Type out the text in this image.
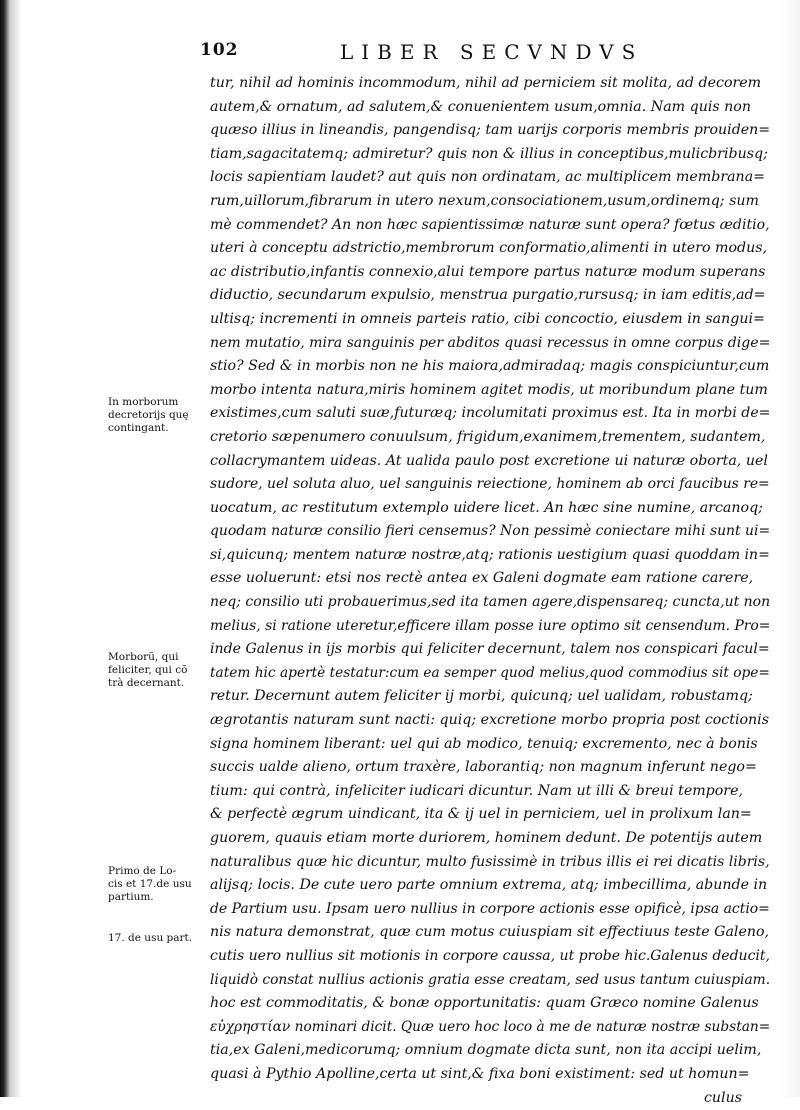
102	LIBER SECVNDVS
tur, nihil ad hominis incommodum, nihil ad perniciem sit molita, ad decorem
autem,& ornatum, ad salutem,& conuenientem usum,omnia. Nam quis non
quæso illius in lineandis, pangendisq; tam uarijs corporis membris prouiden=
tiam,sagacitatemq; admiretur? quis non & illius in conceptibus,mulicbribusq;
locis sapientiam laudet? aut quis non ordinatam, ac multiplicem membrana=
rum,uillorum,fibrarum in utero nexum,consociationem,usum,ordinemq; sum
mè commendet? An non hæc sapientissimæ naturæ sunt opera? fœtus æditio,
uteri à conceptu adstrictio,membrorum conformatio,alimenti in utero modus,
ac distributio,infantis connexio,alui tempore partus naturæ modum superans
diductio, secundarum expulsio, menstrua purgatio,rursusq; in iam editis,ad=
ultisq; incrementi in omneis parteis ratio, cibi concoctio, eiusdem in sangui=
nem mutatio, mira sanguinis per abditos quasi recessus in omne corpus dige=
stio? Sed & in morbis non ne his maiora,admiradaq; magis conspiciuntur,cum
morbo intenta natura,miris hominem agitet modis, ut moribundum plane tum
existimes,cum saluti suæ,futuræq; incolumitati proximus est. Ita in morbi de=
cretorio sæpenumero conuulsum, frigidum,exanimem,trementem, sudantem,
collacrymantem uideas. At ualida paulo post excretione ui naturæ oborta, uel
sudore, uel soluta aluo, uel sanguinis reiectione, hominem ab orci faucibus re=
uocatum, ac restitutum extemplo uidere licet. An hæc sine numine, arcanoq;
quodam naturæ consilio fieri censemus? Non pessimè coniectare mihi sunt ui=
si,quicunq; mentem naturæ nostræ,atq; rationis uestigium quasi quoddam in=
esse uoluerunt: etsi nos rectè antea ex Galeni dogmate eam ratione carere,
neq; consilio uti probauerimus,sed ita tamen agere,dispensareq; cuncta,ut non
melius, si ratione uteretur,efficere illam posse iure optimo sit censendum. Pro=
inde Galenus in ijs morbis qui feliciter decernunt, talem nos conspicari facul=
tatem hic apertè testatur:cum ea semper quod melius,quod commodius sit ope=
retur. Decernunt autem feliciter ij morbi, quicunq; uel ualidam, robustamq;
ægrotantis naturam sunt nacti: quiq; excretione morbo propria post coctionis
signa hominem liberant: uel qui ab modico, tenuiq; excremento, nec à bonis
succis ualde alieno, ortum traxère, laborantiq; non magnum inferunt nego=
tium: qui contrà, infeliciter iudicari dicuntur. Nam ut illi & breui tempore,
& perfectè ægrum uindicant, ita & ij uel in perniciem, uel in prolixum lan=
guorem, quauis etiam morte duriorem, hominem dedunt. De potentijs autem
naturalibus quæ hic dicuntur, multo fusissimè in tribus illis ei rei dicatis libris,
alijsq; locis. De cute uero parte omnium extrema, atq; imbecillima, abunde in
de Partium usu. Ipsam uero nullius in corpore actionis esse opificè, ipsa actio=
nis natura demonstrat, quæ cum motus cuiuspiam sit effectiuus teste Galeno,
cutis uero nullius sit motionis in corpore caussa, ut probe hic.Galenus deducit,
liquidò constat nullius actionis gratia esse creatam, sed usus tantum cuiuspiam.
hoc est commoditatis, & bonæ opportunitatis: quam Græco nomine Galenus
εὐχρηστίαν nominari dicit. Quæ uero hoc loco à me de naturæ nostræ substan=
tia,ex Galeni,medicorumq; omnium dogmate dicta sunt, non ita accipi uelim,
quasi à Pythio Apolline,certa ut sint,& fixa boni existiment: sed ut homun=
culus
In morborum
decretorijs quę
contingant.
Morborũ, qui
feliciter, qui cõ
trà decernant.
Primo de Lo-
cis et 17.de usu
partium.
17. de usu part.
